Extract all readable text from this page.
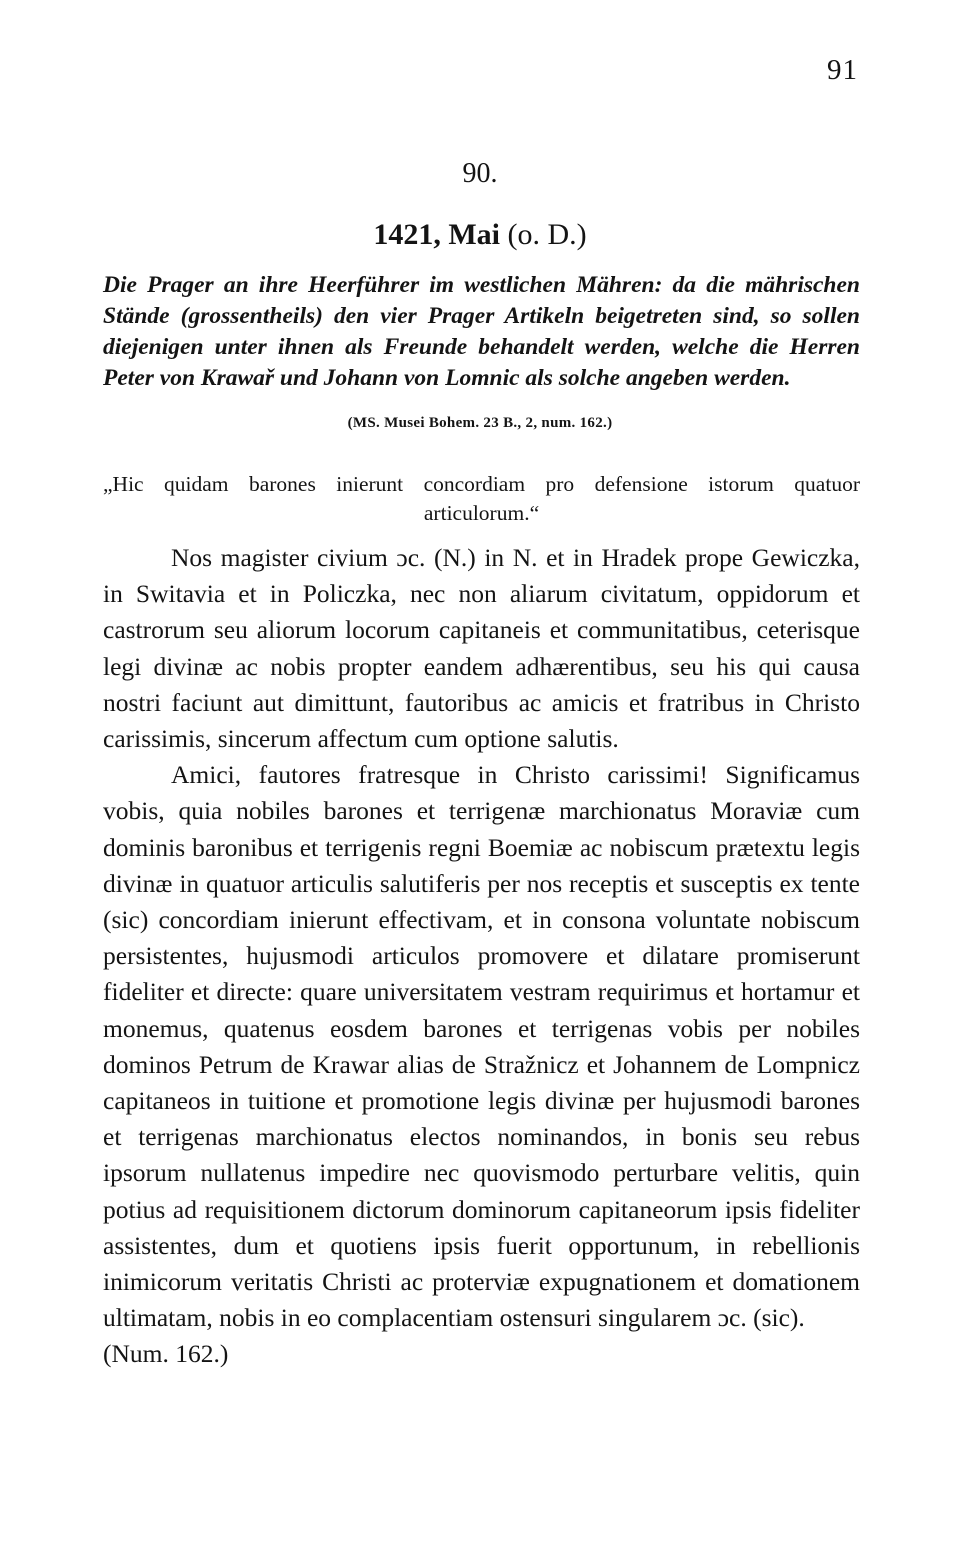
91
90.
1421, Mai (o. D.)
Die Prager an ihre Heerführer im westlichen Mähren: da die mährischen Stände (grossentheils) den vier Prager Artikeln beigetreten sind, so sollen diejenigen unter ihnen als Freunde behandelt werden, welche die Herren Peter von Krawař und Johann von Lomnic als solche angeben werden.
(MS. Musei Bohem. 23 B., 2, num. 162.)
„Hic quidam barones inierunt concordiam pro defensione istorum quatuor articulorum.“

Nos magister civium ɔc. (N.) in N. et in Hradek prope Gewiczka, in Switavia et in Policzka, nec non aliarum civitatum, oppidorum et castrorum seu aliorum locorum capitaneis et communitatibus, ceterisque legi divinæ ac nobis propter eandem adhærentibus, seu his qui causa nostri faciunt aut dimittunt, fautoribus ac amicis et fratribus in Christo carissimis, sincerum affectum cum optione salutis.

Amici, fautores fratresque in Christo carissimi! Significamus vobis, quia nobiles barones et terrigenæ marchionatus Moraviæ cum dominis baronibus et terrigenis regni Boemiæ ac nobiscum prætextu legis divinæ in quatuor articulis salutiferis per nos receptis et susceptis ex tente (sic) concordiam inierunt effectivam, et in consona voluntate nobiscum persistentes, hujusmodi articulos promovere et dilatare promiserunt fideliter et directe: quare universitatem vestram requirimus et hortamur et monemus, quatenus eosdem barones et terrigenas vobis per nobiles dominos Petrum de Krawar alias de Stražnicz et Johannem de Lompnicz capitaneos in tuitione et promotione legis divinæ per hujusmodi barones et terrigenas marchionatus electos nominandos, in bonis seu rebus ipsorum nullatenus impedire nec quovismodo perturbare velitis, quin potius ad requisitionem dictorum dominorum capitaneorum ipsis fideliter assistentes, dum et quotiens ipsis fuerit opportunum, in rebellionis inimicorum veritatis Christi ac proterviæ expugnationem et domationem ultimatam, nobis in eo complacentiam ostensuri singularem ɔc. (sic).
(Num. 162.)
